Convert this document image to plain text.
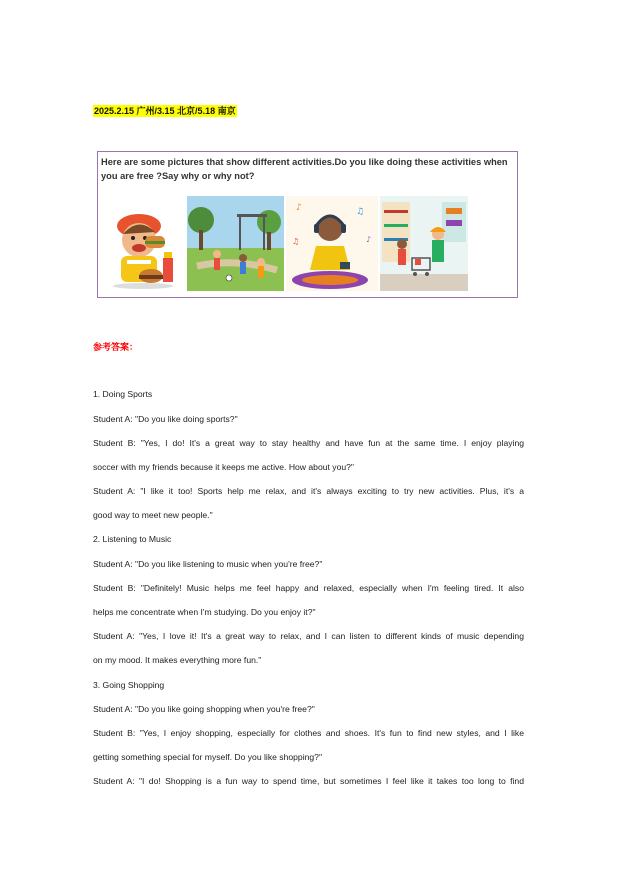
2025.2.15 广州/3.15 北京/5.18 南京
Here are some pictures that show different activities.Do you like doing these activities when
you are free ?Say why or why not?
♪	♫
♪
♫
参考答案：
1. Doing Sports
Student A: "Do you like doing sports?"
Student B: "Yes, I do! It's a great way to stay healthy and have fun at the same time. I enjoy playing
soccer with my friends because it keeps me active. How about you?"
Student A: "I like it too! Sports help me relax, and it's always exciting to try new activities. Plus, it's a
good way to meet new people."
2. Listening to Music
Student A: "Do you like listening to music when you're free?"
Student B: "Definitely! Music helps me feel happy and relaxed, especially when I'm feeling tired. It also
helps me concentrate when I'm studying. Do you enjoy it?"
Student A: "Yes, I love it! It's a great way to relax, and I can listen to different kinds of music depending
on my mood. It makes everything more fun."
3. Going Shopping
Student A: "Do you like going shopping when you're free?"
Student B: "Yes, I enjoy shopping, especially for clothes and shoes. It's fun to find new styles, and I like
getting something special for myself. Do you like shopping?"
Student A: "I do! Shopping is a fun way to spend time, but sometimes I feel like it takes too long to find
